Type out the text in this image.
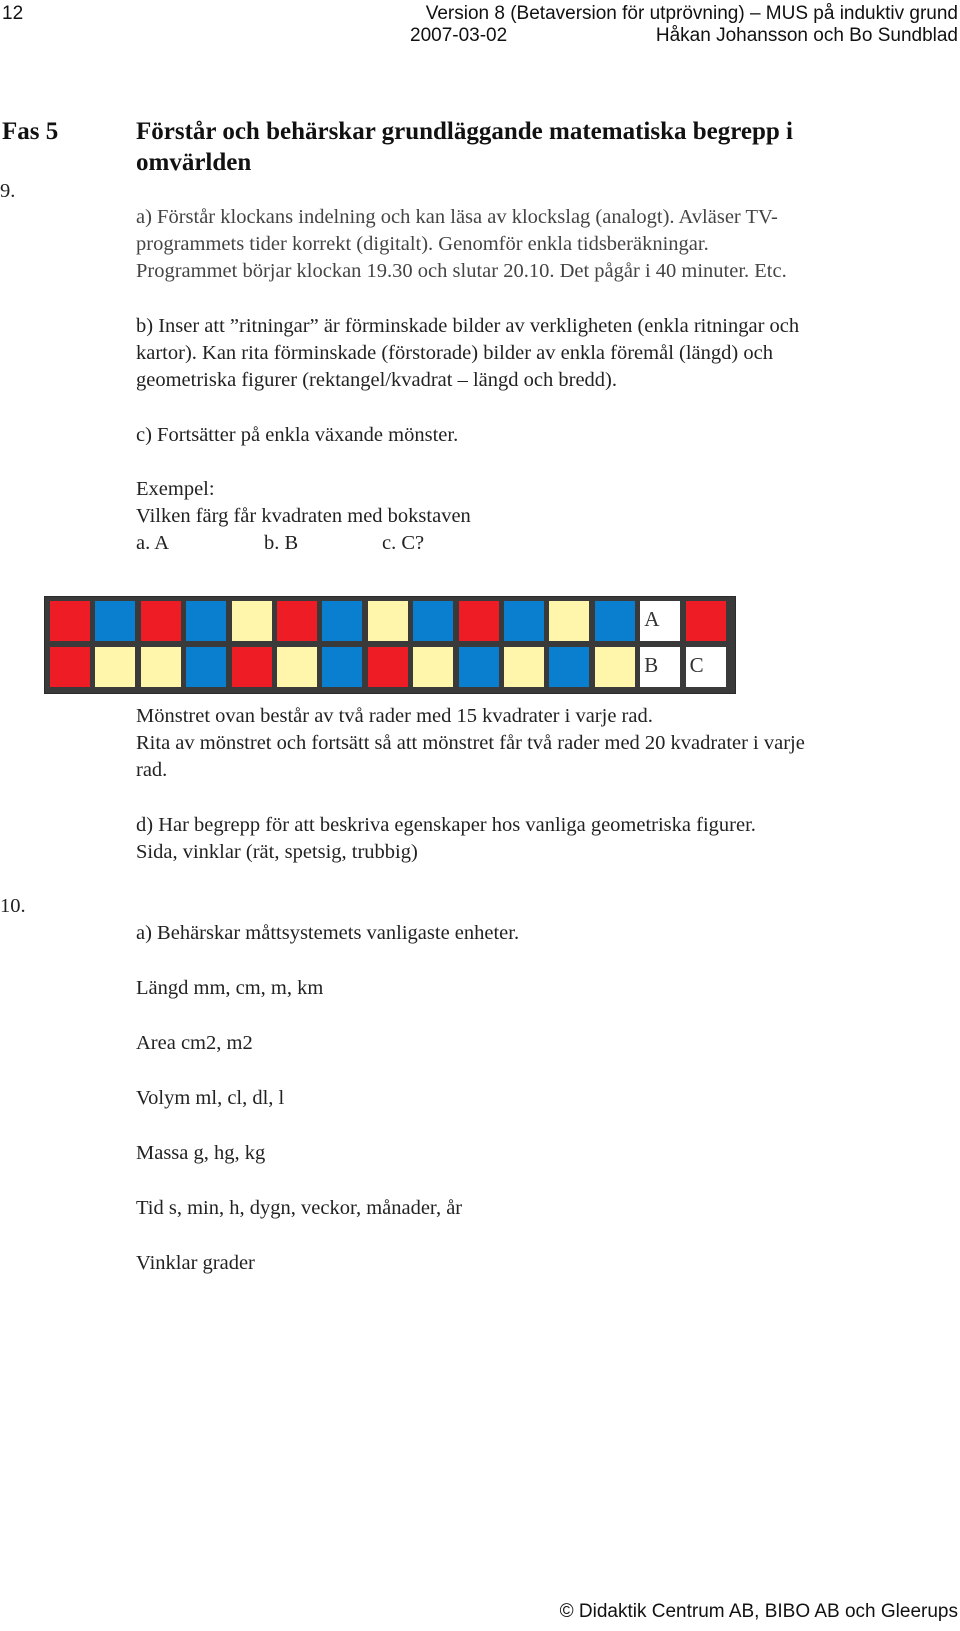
12	Version 8 (Betaversion för utprövning) – MUS på induktiv grund
2007-03-02	Håkan Johansson och Bo Sundblad
Fas 5
9.
Förstår och behärskar grundläggande matematiska begrepp i
omvärlden
a) Förstår klockans indelning och kan läsa av klockslag (analogt). Avläser TV-
programmets tider korrekt (digitalt). Genomför enkla tidsberäkningar.
Programmet börjar klockan 19.30 och slutar 20.10. Det pågår i 40 minuter. Etc.
b) Inser att ”ritningar” är förminskade bilder av verkligheten (enkla ritningar och
kartor). Kan rita förminskade (förstorade) bilder av enkla föremål (längd) och
geometriska figurer (rektangel/kvadrat – längd och bredd).
c) Fortsätter på enkla växande mönster.
Exempel:
Vilken färg får kvadraten med bokstaven
a. A	b. B	c. C?
A
B C
Mönstret ovan består av två rader med 15 kvadrater i varje rad.
Rita av mönstret och fortsätt så att mönstret får två rader med 20 kvadrater i varje
rad.
d) Har begrepp för att beskriva egenskaper hos vanliga geometriska figurer.
Sida, vinklar (rät, spetsig, trubbig)
10.
a) Behärskar måttsystemets vanligaste enheter.
Längd mm, cm, m, km
Area cm2, m2
Volym ml, cl, dl, l
Massa g, hg, kg
Tid s, min, h, dygn, veckor, månader, år
Vinklar grader
© Didaktik Centrum AB, BIBO AB och Gleerups
